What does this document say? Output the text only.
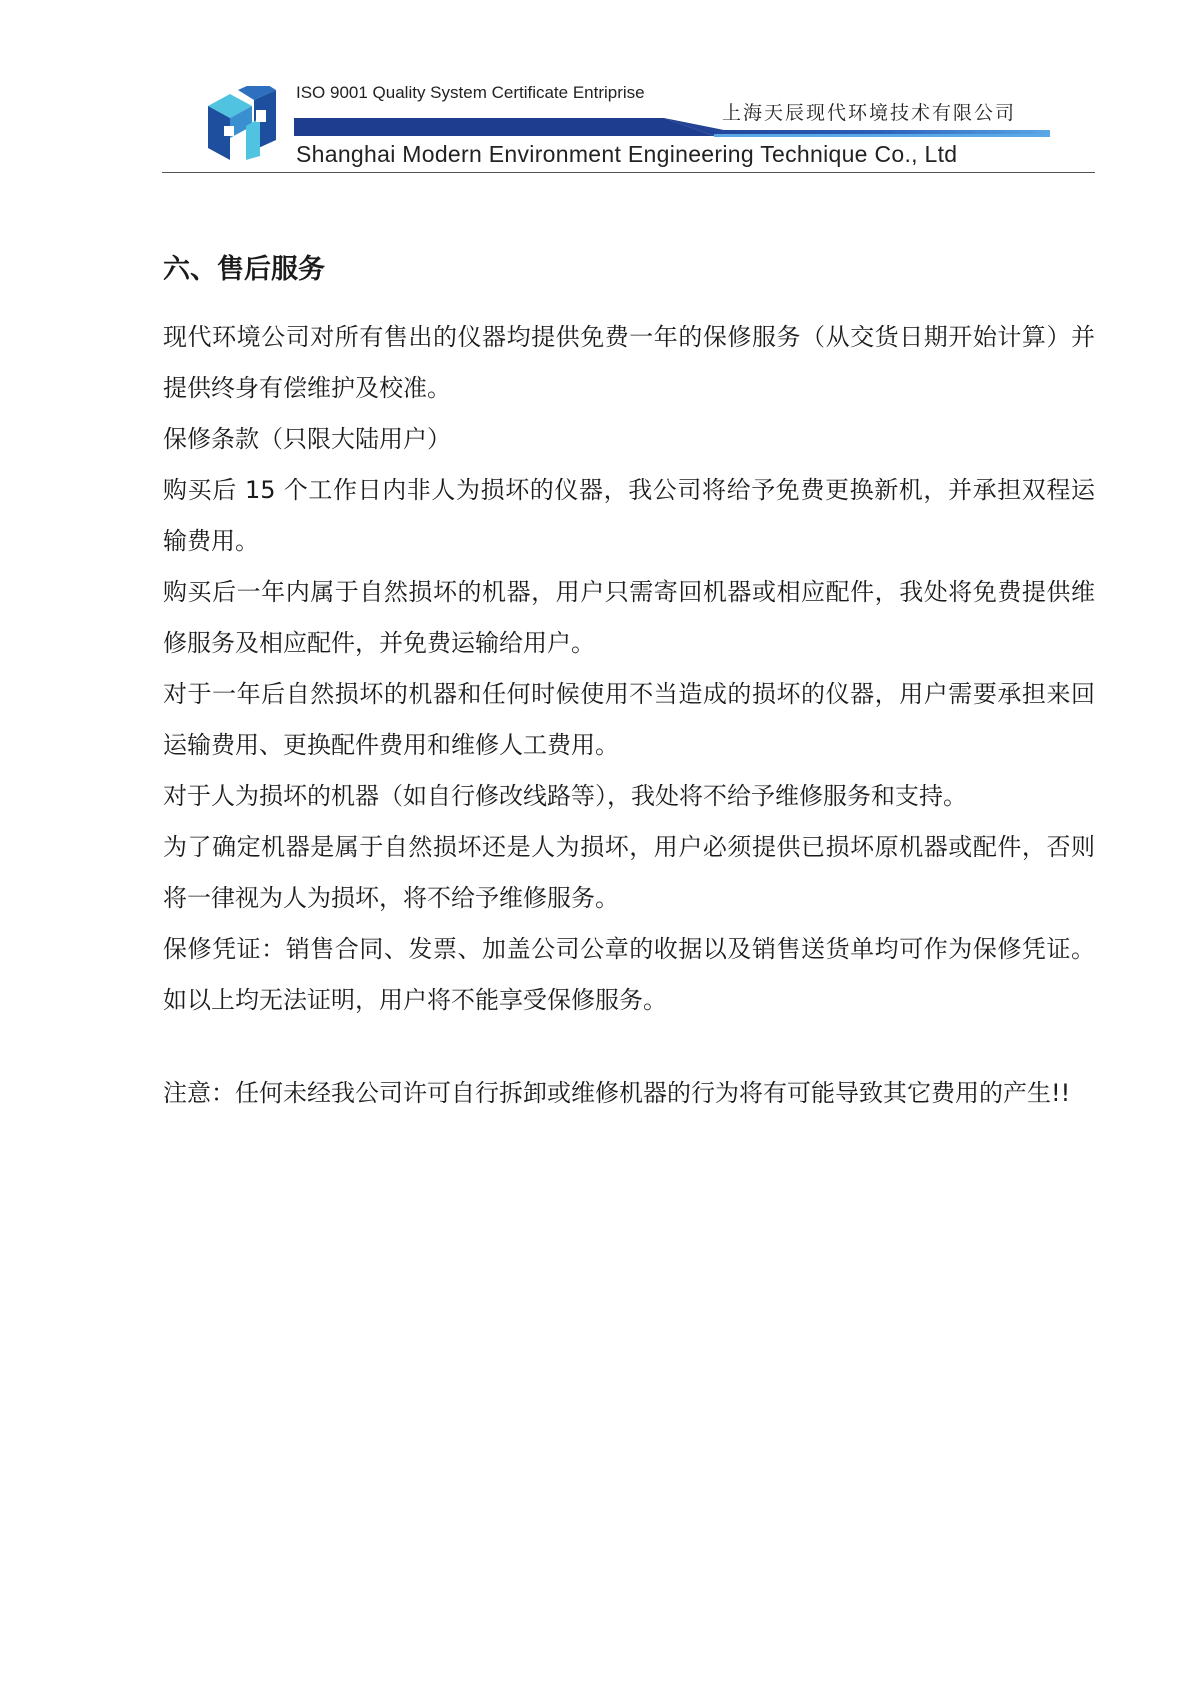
ISO 9001 Quality System Certificate Entriprise
上海天辰现代环境技术有限公司
Shanghai Modern Environment Engineering Technique Co., Ltd
六、售后服务

现代环境公司对所有售出的仪器均提供免费一年的保修服务（从交货日期开始计算）并提供终身有偿维护及校准。

保修条款（只限大陆用户）

购买后 15 个工作日内非人为损坏的仪器，我公司将给予免费更换新机，并承担双程运输费用。

购买后一年内属于自然损坏的机器，用户只需寄回机器或相应配件，我处将免费提供维修服务及相应配件，并免费运输给用户。

对于一年后自然损坏的机器和任何时候使用不当造成的损坏的仪器，用户需要承担来回运输费用、更换配件费用和维修人工费用。

对于人为损坏的机器（如自行修改线路等），我处将不给予维修服务和支持。

为了确定机器是属于自然损坏还是人为损坏，用户必须提供已损坏原机器或配件，否则将一律视为人为损坏，将不给予维修服务。

保修凭证：销售合同、发票、加盖公司公章的收据以及销售送货单均可作为保修凭证。如以上均无法证明，用户将不能享受保修服务。

注意：任何未经我公司许可自行拆卸或维修机器的行为将有可能导致其它费用的产生!!
